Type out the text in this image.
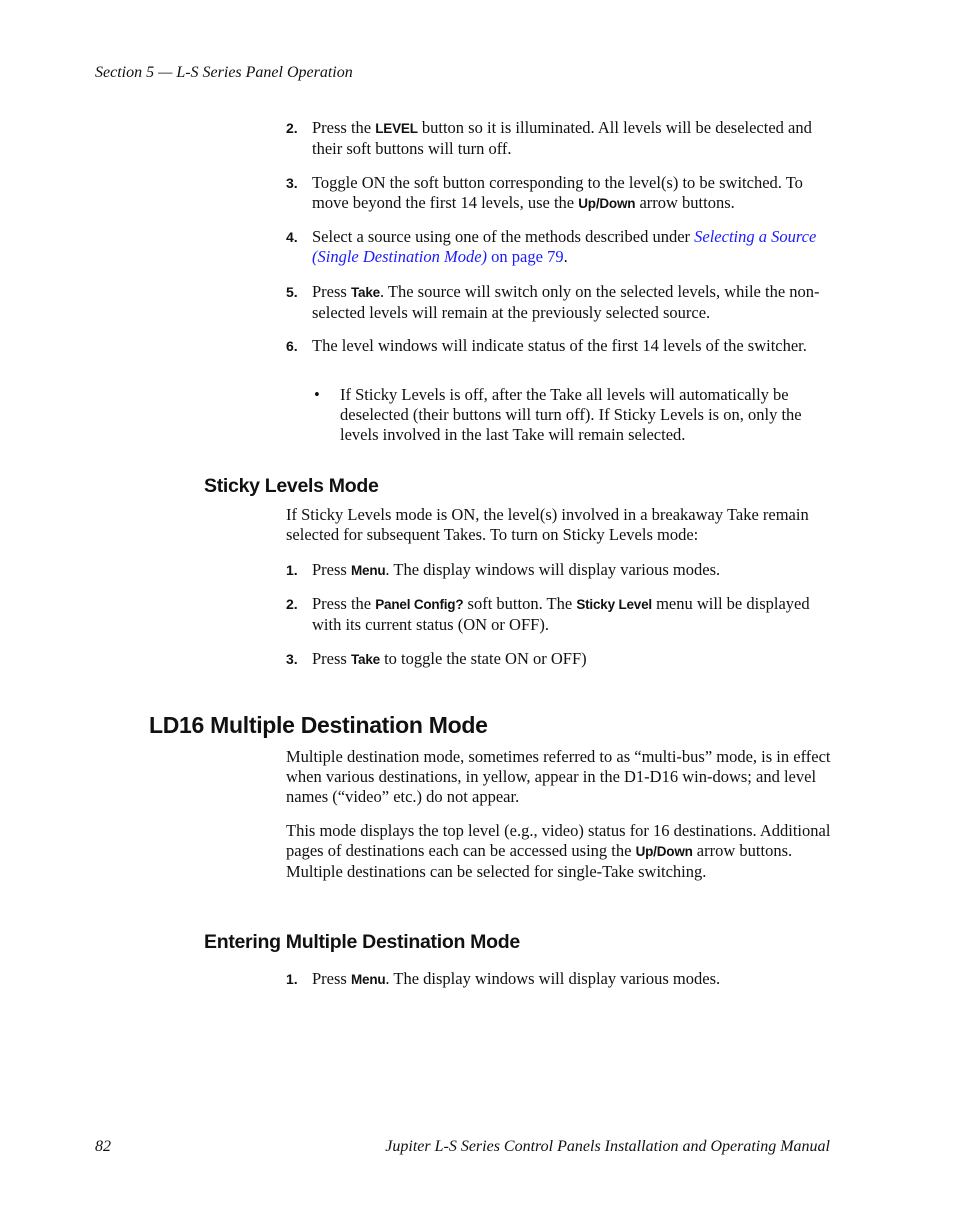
Section 5 — L-S Series Panel Operation
2. Press the LEVEL button so it is illuminated. All levels will be deselected and their soft buttons will turn off.
3. Toggle ON the soft button corresponding to the level(s) to be switched. To move beyond the first 14 levels, use the Up/Down arrow buttons.
4. Select a source using one of the methods described under Selecting a Source (Single Destination Mode) on page 79.
5. Press Take. The source will switch only on the selected levels, while the non-selected levels will remain at the previously selected source.
6. The level windows will indicate status of the first 14 levels of the switcher.
• If Sticky Levels is off, after the Take all levels will automatically be deselected (their buttons will turn off). If Sticky Levels is on, only the levels involved in the last Take will remain selected.
Sticky Levels Mode
If Sticky Levels mode is ON, the level(s) involved in a breakaway Take remain selected for subsequent Takes. To turn on Sticky Levels mode:
1. Press Menu. The display windows will display various modes.
2. Press the Panel Config? soft button. The Sticky Level menu will be displayed with its current status (ON or OFF).
3. Press Take to toggle the state ON or OFF)
LD16 Multiple Destination Mode
Multiple destination mode, sometimes referred to as “multi-bus” mode, is in effect when various destinations, in yellow, appear in the D1-D16 win-dows; and level names (“video” etc.) do not appear.
This mode displays the top level (e.g., video) status for 16 destinations. Additional pages of destinations each can be accessed using the Up/Down arrow buttons. Multiple destinations can be selected for single-Take switching.
Entering Multiple Destination Mode
1. Press Menu. The display windows will display various modes.
82	Jupiter L-S Series Control Panels Installation and Operating Manual
